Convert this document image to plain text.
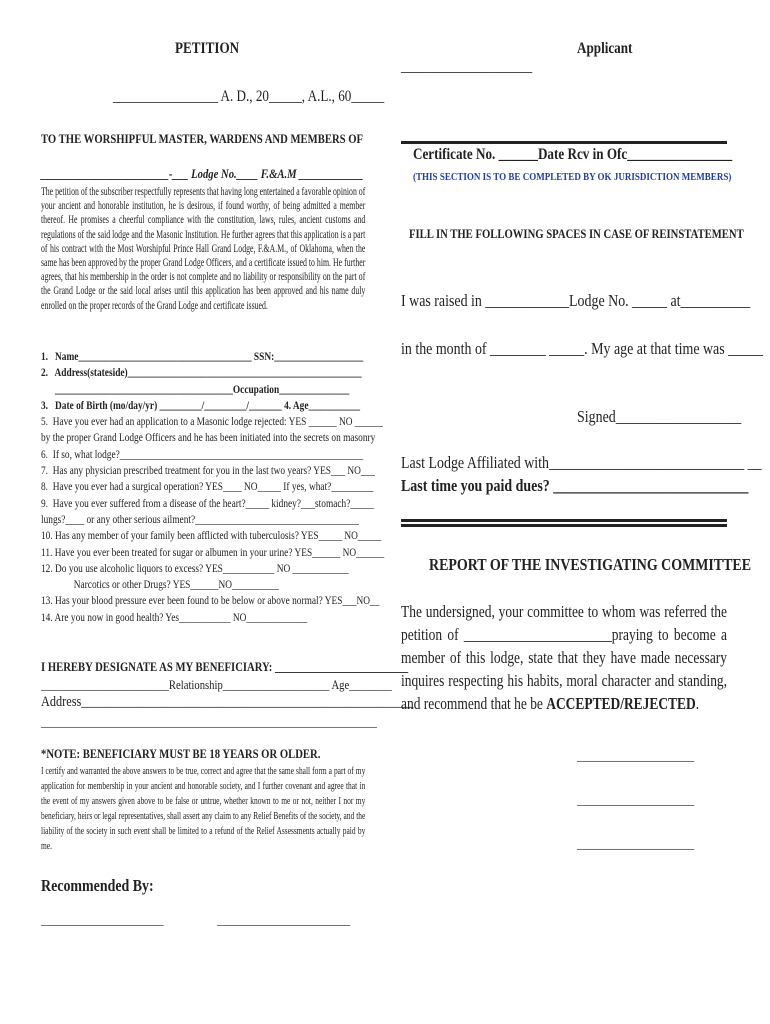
PETITION
________________ A. D., 20_____, A.L., 60_____
TO THE WORSHIPFUL MASTER, WARDENS AND MEMBERS OF
________________________-___ Lodge No.____ F.&A.M ____________
The petition of the subscriber respectfully represents that having long entertained a favorable opinion of your ancient and honorable institution, he is desirous, if found worthy, of being admitted a member thereof. He promises a cheerful compliance with the constitution, laws, rules, ancient customs and regulations of the said lodge and the Masonic Institution. He further agrees that this application is a part of his contract with the Most Worshipful Prince Hall Grand Lodge, F.&A.M., of Oklahoma, when the same has been approved by the proper Grand Lodge Officers, and a certificate issued to him. He further agrees, that his membership in the order is not complete and no liability or responsibility on the part of the Grand Lodge or the said local arises until this application has been approved and his name duly enrolled on the proper records of the Grand Lodge and certificate issued.
1.   Name_____________________________________ SSN:___________________
2.   Address(stateside)__________________________________________________
______________________________________Occupation_______________
3.   Date of Birth (mo/day/yr) _________/_________/_______ 4. Age___________
5.  Have you ever had an application to a Masonic lodge rejected: YES ______ NO ______
by the proper Grand Lodge Officers and he has been initiated into the secrets on masonry
6.  If so, what lodge?____________________________________________________
7.  Has any physician prescribed treatment for you in the last two years? YES___ NO___
8.  Have you ever had a surgical operation? YES____ NO_____ If yes, what?_________
9.  Have you ever suffered from a disease of the heart?_____ kidney?___stomach?_____
lungs?____ or any other serious ailment?___________________________________
10. Has any member of your family been afflicted with tuberculosis? YES_____ NO_____
11. Have you ever been treated for sugar or albumen in your urine? YES______ NO______
12. Do you use alcoholic liquors to excess? YES___________ NO ____________
Narcotics or other Drugs? YES______NO__________
13. Has your blood pressure ever been found to be below or above normal? YES___NO__
14. Are you now in good health? Yes___________ NO_____________
I HEREBY DESIGNATE AS MY BENEFICIARY: _________________________
________________________Relationship____________________ Age________
Address______________________________________________________
_______________________________________________________________
*NOTE: BENEFICIARY MUST BE 18 YEARS OR OLDER.
I certify and warranted the above answers to be true, correct and agree that the same shall form a part of my application for membership in your ancient and honorable society, and I further covenant and agree that in the event of my answers given above to be false or untrue, whether known to me or not, neither I nor my beneficiary, heirs or legal representatives, shall assert any claim to any Relief Benefits of the society, and the liability of the society in such event shall be limited to a refund of the Relief Assessments actually paid by me.
Recommended By:
_______________________	_________________________
Applicant
____________________
Certificate No. ______Date Rcv in Ofc________________
(THIS SECTION IS TO BE COMPLETED BY OK JURISDICTION MEMBERS)
FILL IN THE FOLLOWING SPACES IN CASE OF REINSTATEMENT
I was raised in ____________Lodge No. _____ at__________
in the month of ________ _____. My age at that time was _____
Signed__________________
Last Lodge Affiliated with____________________________ __
Last time you paid dues? ____________________________
REPORT OF THE INVESTIGATING COMMITTEE
The undersigned, your committee to whom was referred the petition of ______________________praying to become a member of this lodge, state that they have made necessary inquires respecting his habits, moral character and standing, and recommend that he be ACCEPTED/REJECTED.
______________________
______________________
______________________
